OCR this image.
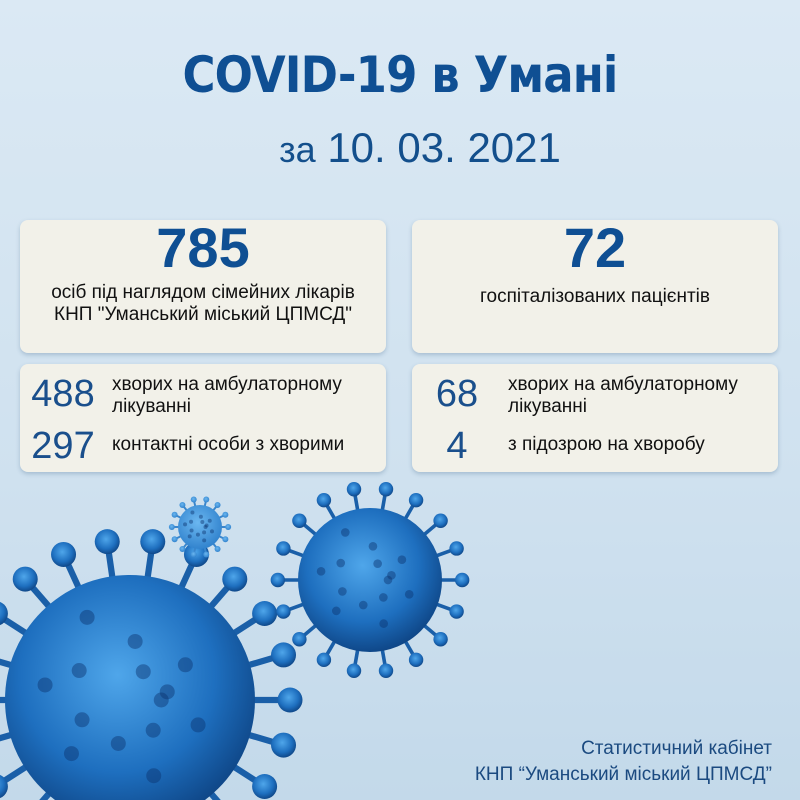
COVID-19 в Умані
за 10. 03. 2021
785
осіб під наглядом сімейних лікарів КНП "Уманський міський ЦПМСД"
72
госпіталізованих пацієнтів
488 хворих на амбулаторному лікуванні
297 контактні особи з хворими
68	хворих на амбулаторному лікуванні
4	з підозрою на хворобу
Статистичний кабінет
КНП “Уманський міський ЦПМСД”
